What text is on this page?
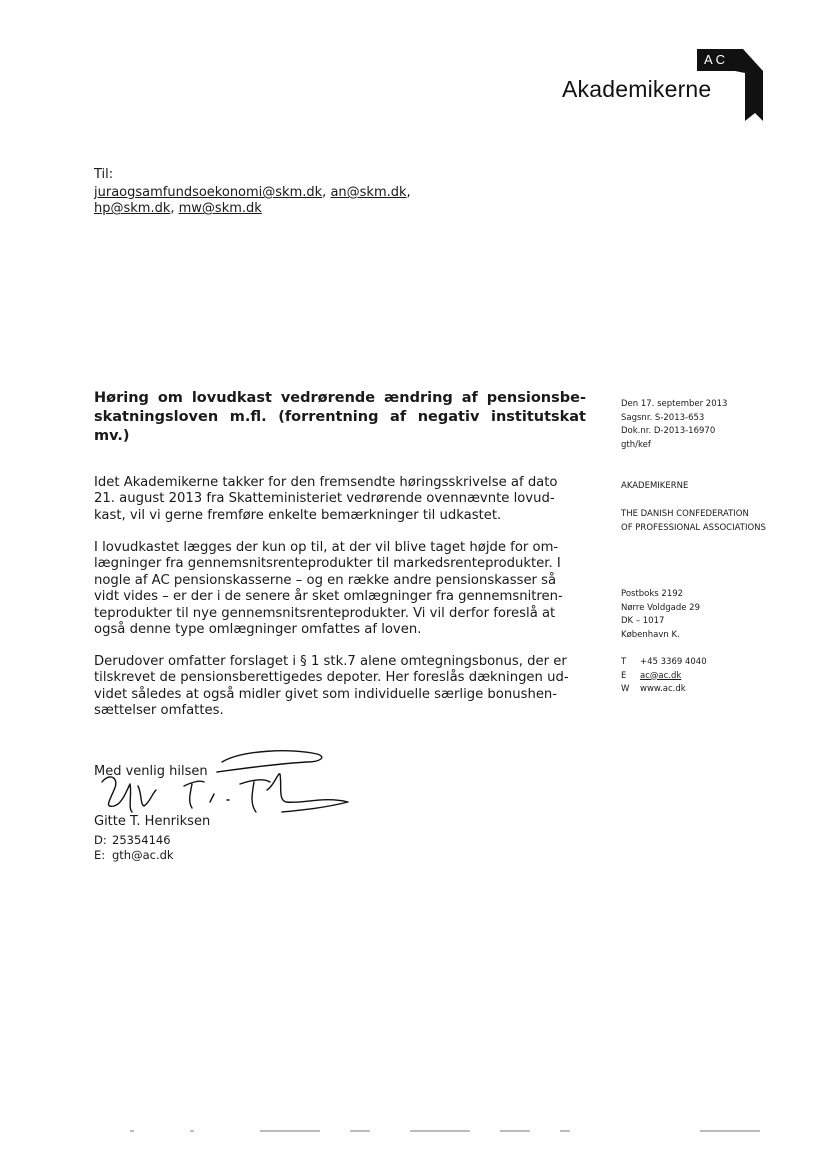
AC
Akademikerne
Til:
juraogsamfundsoekonomi@skm.dk, an@skm.dk,
hp@skm.dk, mw@skm.dk
Høring om lovudkast vedrørende ændring af pensionsbe-skatningsloven m.fl. (forrentning af negativ institutskat mv.)
Den 17. september 2013
Sagsnr. S-2013-653
Dok.nr. D-2013-16970
gth/kef
AKADEMIKERNE
THE DANISH CONFEDERATION
OF PROFESSIONAL ASSOCIATIONS
Postboks 2192
Nørre Voldgade 29
DK – 1017
København K.
T +45 3369 4040
E ac@ac.dk
W www.ac.dk
Idet Akademikerne takker for den fremsendte høringsskrivelse af dato
21. august 2013 fra Skatteministeriet vedrørende ovennævnte lovud-
kast, vil vi gerne fremføre enkelte bemærkninger til udkastet.
I lovudkastet lægges der kun op til, at der vil blive taget højde for om-
lægninger fra gennemsnitsrenteprodukter til markedsrenteprodukter. I
nogle af AC pensionskasserne – og en række andre pensionskasser så
vidt vides – er der i de senere år sket omlægninger fra gennemsnitren-
teprodukter til nye gennemsnitsrenteprodukter. Vi vil derfor foreslå at
også denne type omlægninger omfattes af loven.
Derudover omfatter forslaget i § 1 stk.7 alene omtegningsbonus, der er
tilskrevet de pensionsberettigedes depoter. Her foreslås dækningen ud-
videt således at også midler givet som individuelle særlige bonushen-
sættelser omfattes.
Med venlig hilsen
Gitte T. Henriksen
D: 25354146
E: gth@ac.dk
